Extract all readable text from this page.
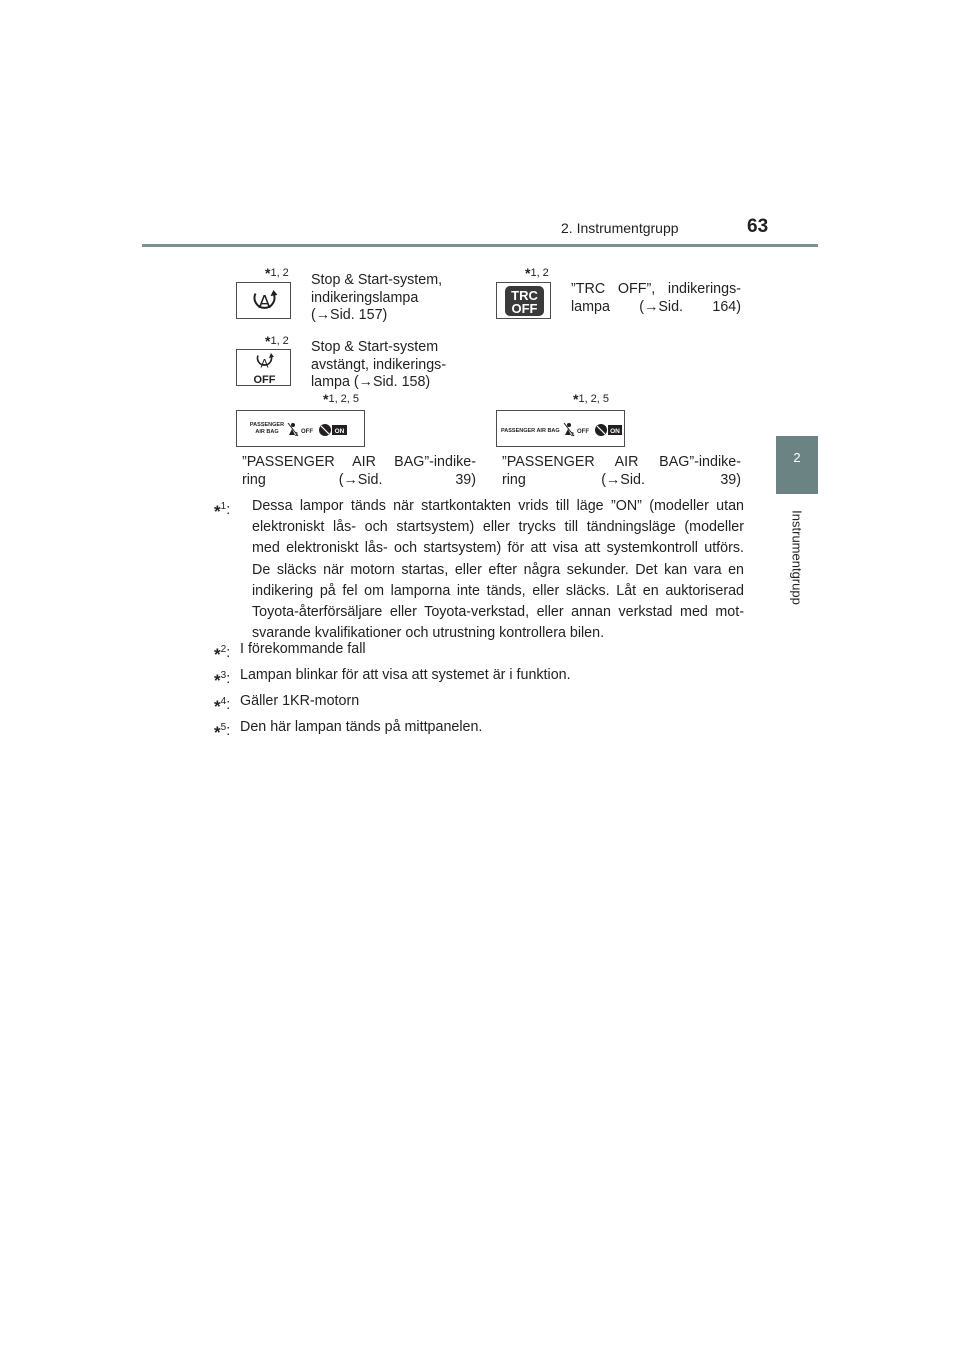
2. Instrumentgrupp	63
2
Instrumentgrupp
*1, 2
A
Stop & Start-system,
indikeringslampa
(→Sid. 157)
*1, 2
TRC
OFF
”TRC OFF”, indikerings-
lampa (→Sid. 164)
*1, 2
A
OFF
Stop & Start-system
avstängt, indikerings-
lampa (→Sid. 158)
*1, 2, 5
PASSENGER
AIR BAG	2 OFF	ON
”PASSENGER AIR BAG”-indike-
ring (→Sid. 39)
*1, 2, 5
PASSENGER AIR BAG
2 OFF	ON
”PASSENGER AIR BAG”-indike-
ring (→Sid. 39)
*$^1$: Dessa lampor tänds när startkontakten vrids till läge ”ON” (modeller utan
elektroniskt lås- och startsystem) eller trycks till tändningsläge (modeller
med elektroniskt lås- och startsystem) för att visa att systemkontroll utförs.
De släcks när motorn startas, eller efter några sekunder. Det kan vara en
indikering på fel om lamporna inte tänds, eller släcks. Låt en auktoriserad
Toyota-återförsäljare eller Toyota-verkstad, eller annan verkstad med mot-
svarande kvalifikationer och utrustning kontrollera bilen.
*$^2$: I förekommande fall
*$^3$: Lampan blinkar för att visa att systemet är i funktion.
*$^4$: Gäller 1KR-motorn
*$^5$: Den här lampan tänds på mittpanelen.
